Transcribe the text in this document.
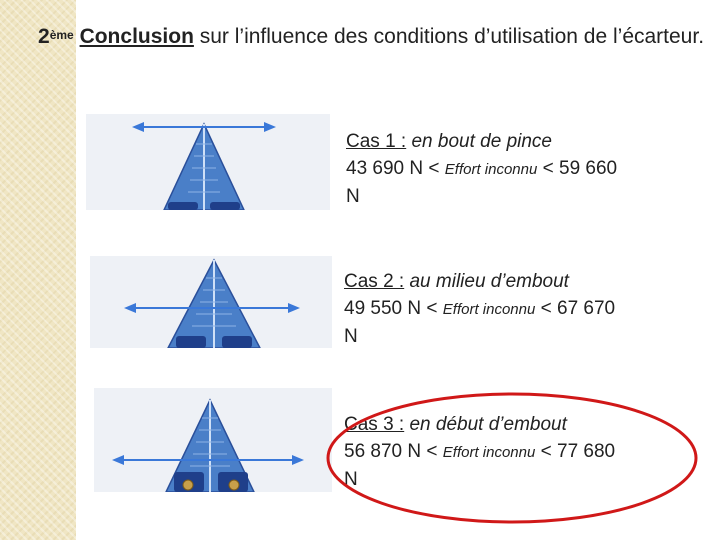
2ème Conclusion sur l’influence des conditions d’utilisation de l’écarteur.
Cas 1 : en bout de pince
43 690 N < Effort inconnu < 59 660
N
Cas 2 : au milieu d’embout
49 550 N < Effort inconnu < 67 670
N
Cas 3 : en début d’embout
56 870 N < Effort inconnu < 77 680
N
